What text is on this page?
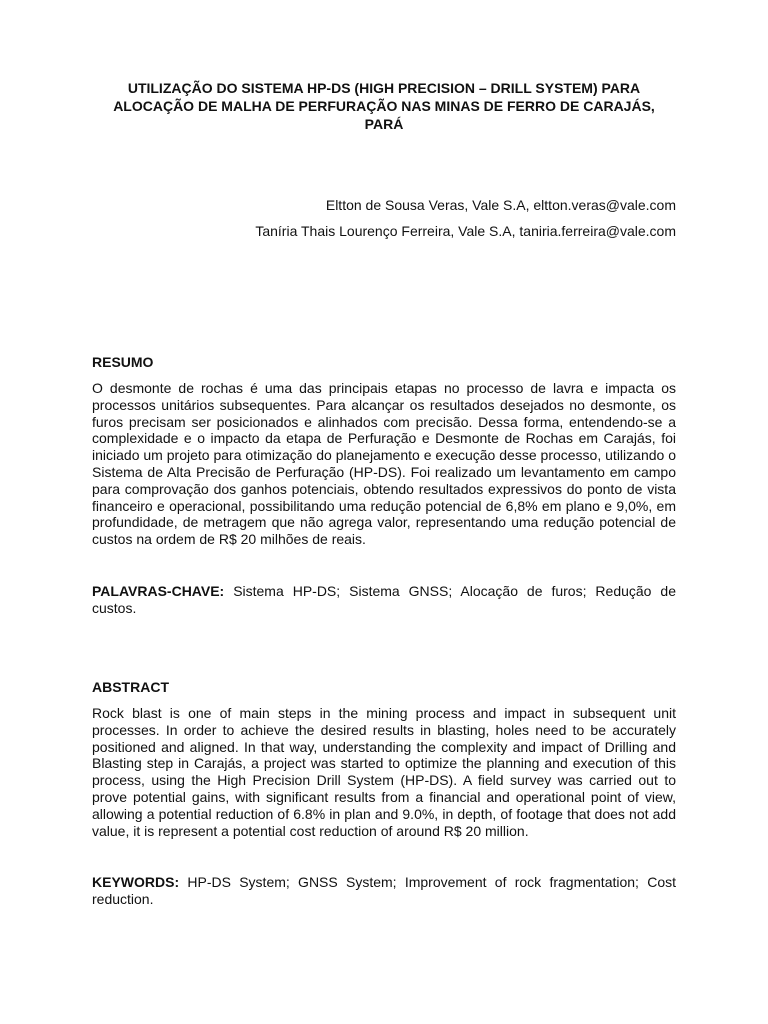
UTILIZAÇÃO DO SISTEMA HP-DS (HIGH PRECISION – DRILL SYSTEM) PARA
ALOCAÇÃO DE MALHA DE PERFURAÇÃO NAS MINAS DE FERRO DE CARAJÁS,
PARÁ
Eltton de Sousa Veras, Vale S.A, eltton.veras@vale.com
Taníria Thais Lourenço Ferreira, Vale S.A, taniria.ferreira@vale.com
RESUMO
O desmonte de rochas é uma das principais etapas no processo de lavra e impacta os processos unitários subsequentes. Para alcançar os resultados desejados no desmonte, os furos precisam ser posicionados e alinhados com precisão. Dessa forma, entendendo-se a complexidade e o impacto da etapa de Perfuração e Desmonte de Rochas em Carajás, foi iniciado um projeto para otimização do planejamento e execução desse processo, utilizando o Sistema de Alta Precisão de Perfuração (HP-DS). Foi realizado um levantamento em campo para comprovação dos ganhos potenciais, obtendo resultados expressivos do ponto de vista financeiro e operacional, possibilitando uma redução potencial de 6,8% em plano e 9,0%, em profundidade, de metragem que não agrega valor, representando uma redução potencial de custos na ordem de R$ 20 milhões de reais.
PALAVRAS-CHAVE: Sistema HP-DS; Sistema GNSS; Alocação de furos; Redução de custos.
ABSTRACT
Rock blast is one of main steps in the mining process and impact in subsequent unit processes. In order to achieve the desired results in blasting, holes need to be accurately positioned and aligned. In that way, understanding the complexity and impact of Drilling and Blasting step in Carajás, a project was started to optimize the planning and execution of this process, using the High Precision Drill System (HP-DS). A field survey was carried out to prove potential gains, with significant results from a financial and operational point of view, allowing a potential reduction of 6.8% in plan and 9.0%, in depth, of footage that does not add value, it is represent a potential cost reduction of around R$ 20 million.
KEYWORDS: HP-DS System; GNSS System; Improvement of rock fragmentation; Cost reduction.
